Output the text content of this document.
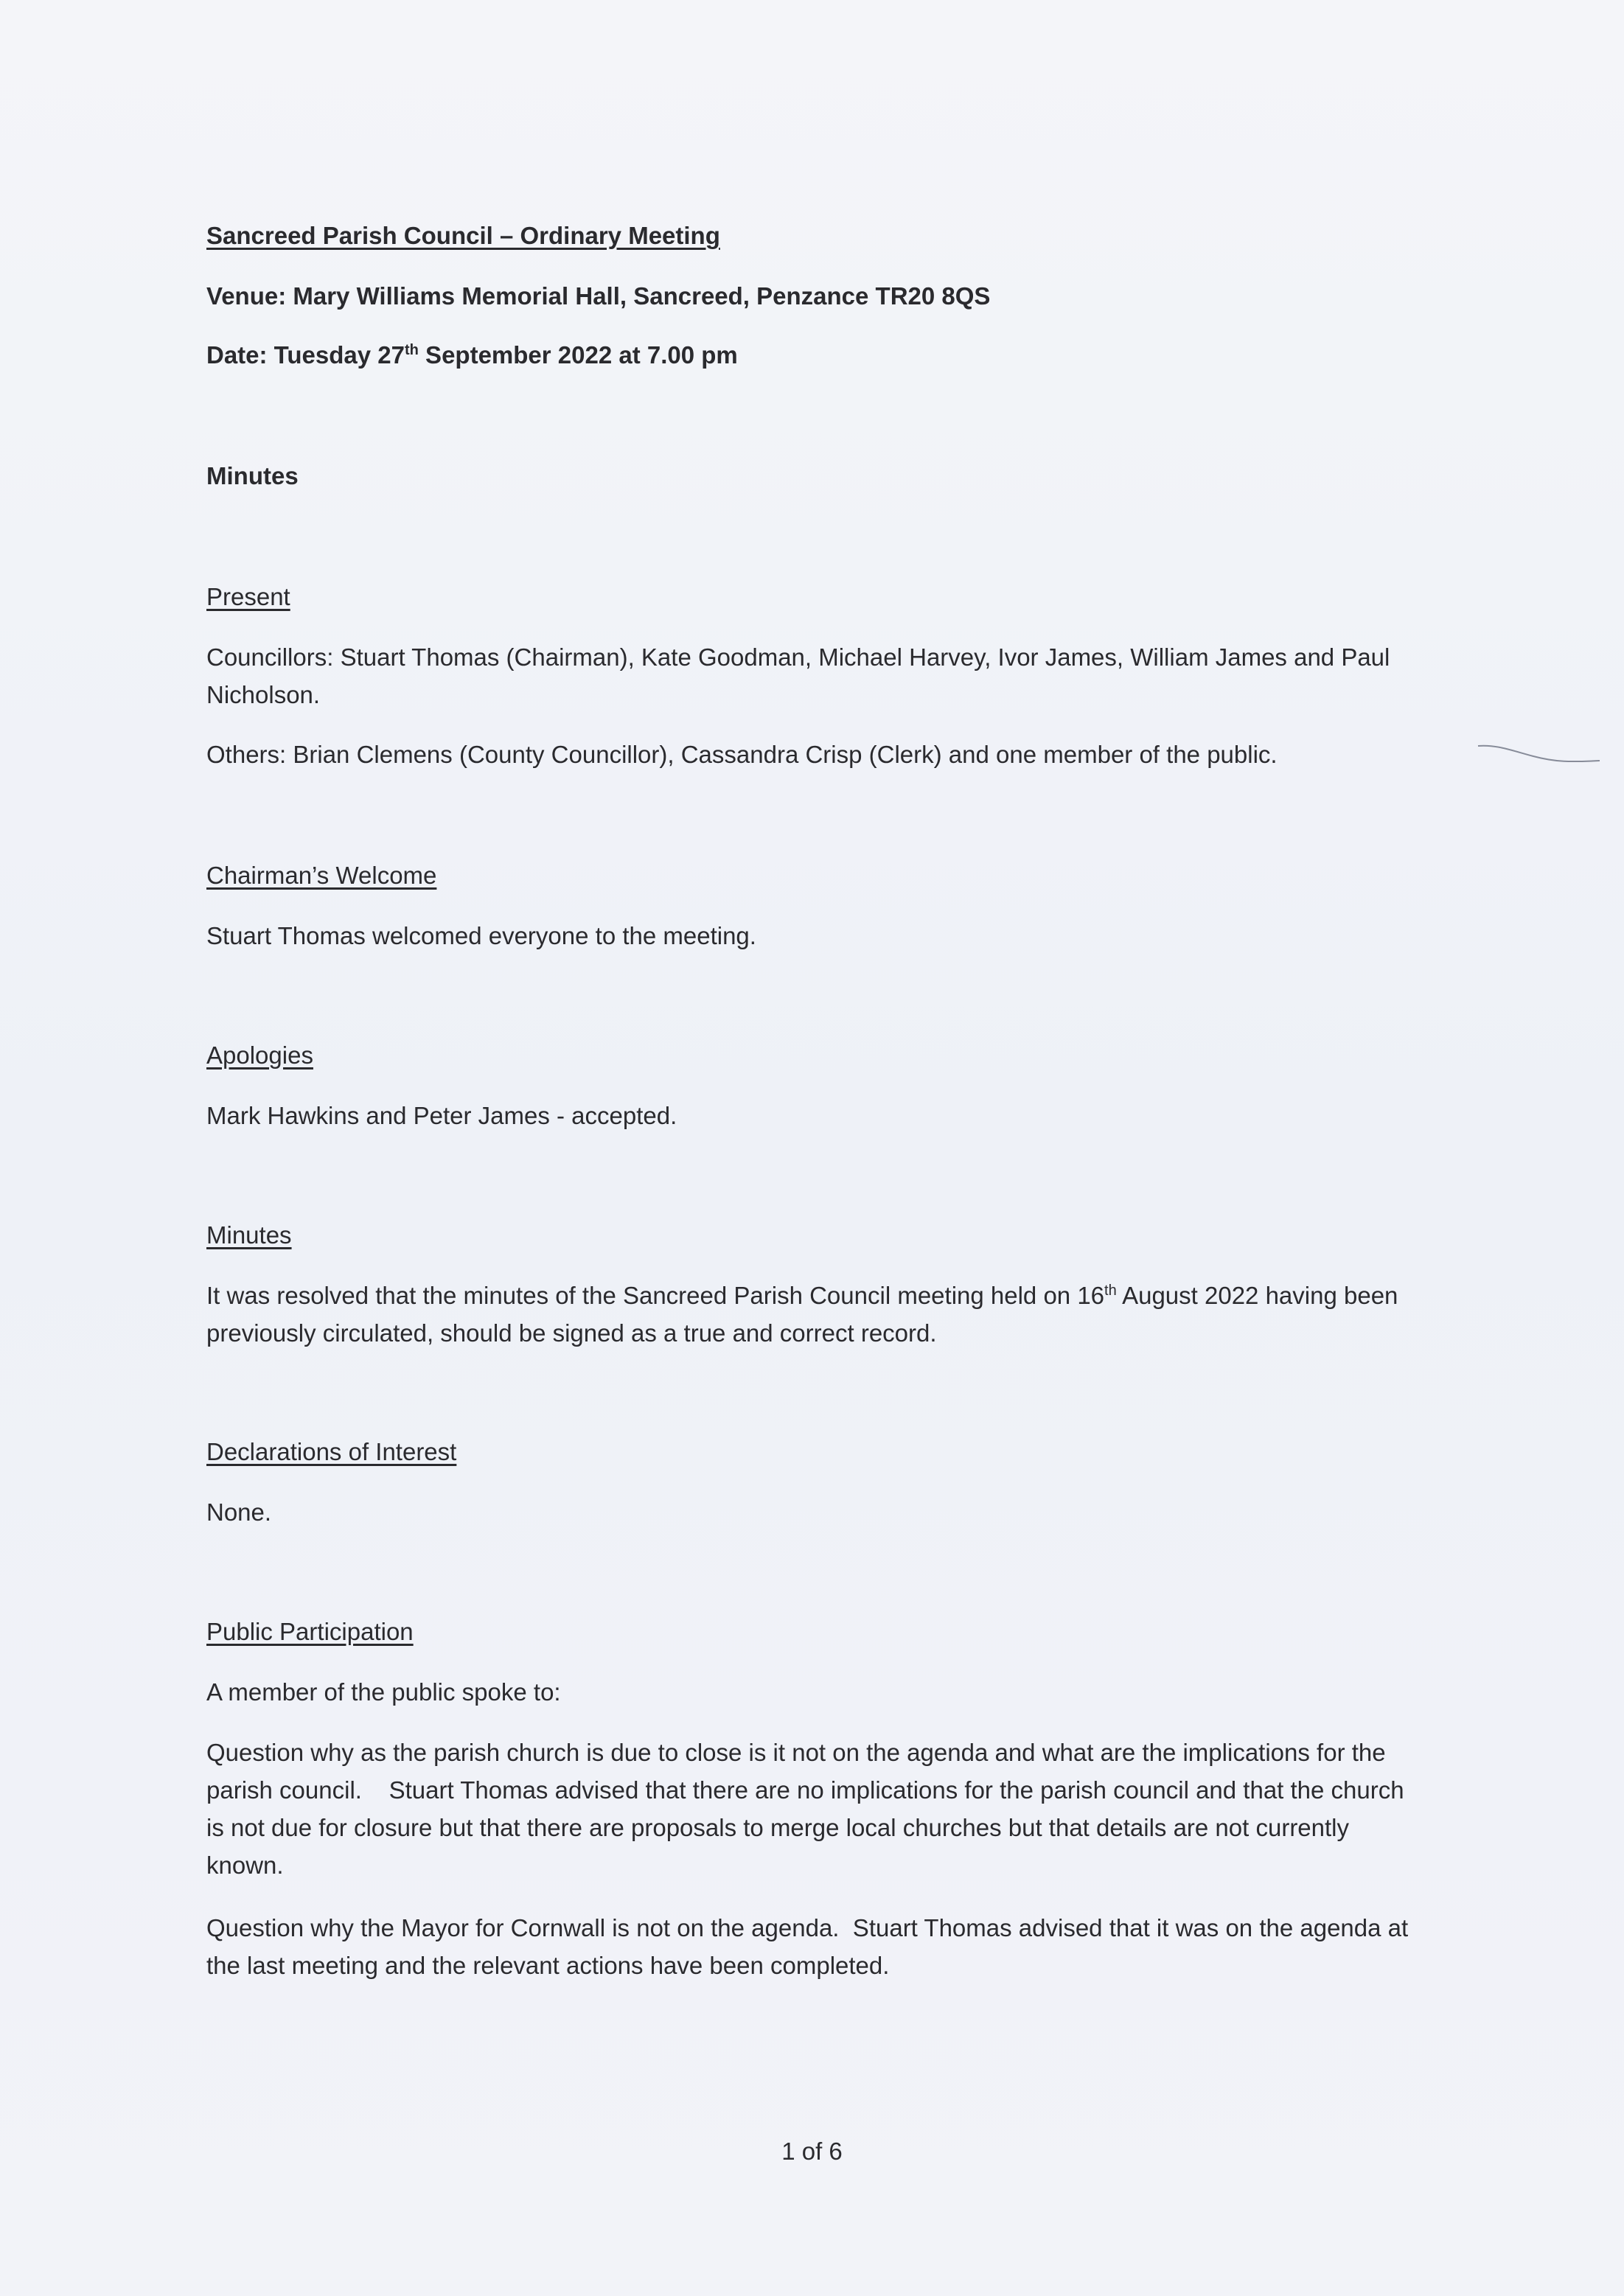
Sancreed Parish Council – Ordinary Meeting

Venue: Mary Williams Memorial Hall, Sancreed, Penzance TR20 8QS

Date: Tuesday 27th September 2022 at 7.00 pm

Minutes

Present

Councillors: Stuart Thomas (Chairman), Kate Goodman, Michael Harvey, Ivor James, William James and Paul Nicholson.

Others: Brian Clemens (County Councillor), Cassandra Crisp (Clerk) and one member of the public.

Chairman’s Welcome

Stuart Thomas welcomed everyone to the meeting.

Apologies

Mark Hawkins and Peter James - accepted.

Minutes

It was resolved that the minutes of the Sancreed Parish Council meeting held on 16th August 2022 having been previously circulated, should be signed as a true and correct record.

Declarations of Interest

None.

Public Participation

A member of the public spoke to:

Question why as the parish church is due to close is it not on the agenda and what are the implications for the parish council.    Stuart Thomas advised that there are no implications for the parish council and that the church is not due for closure but that there are proposals to merge local churches but that details are not currently known.

Question why the Mayor for Cornwall is not on the agenda.  Stuart Thomas advised that it was on the agenda at the last meeting and the relevant actions have been completed.

1 of 6
